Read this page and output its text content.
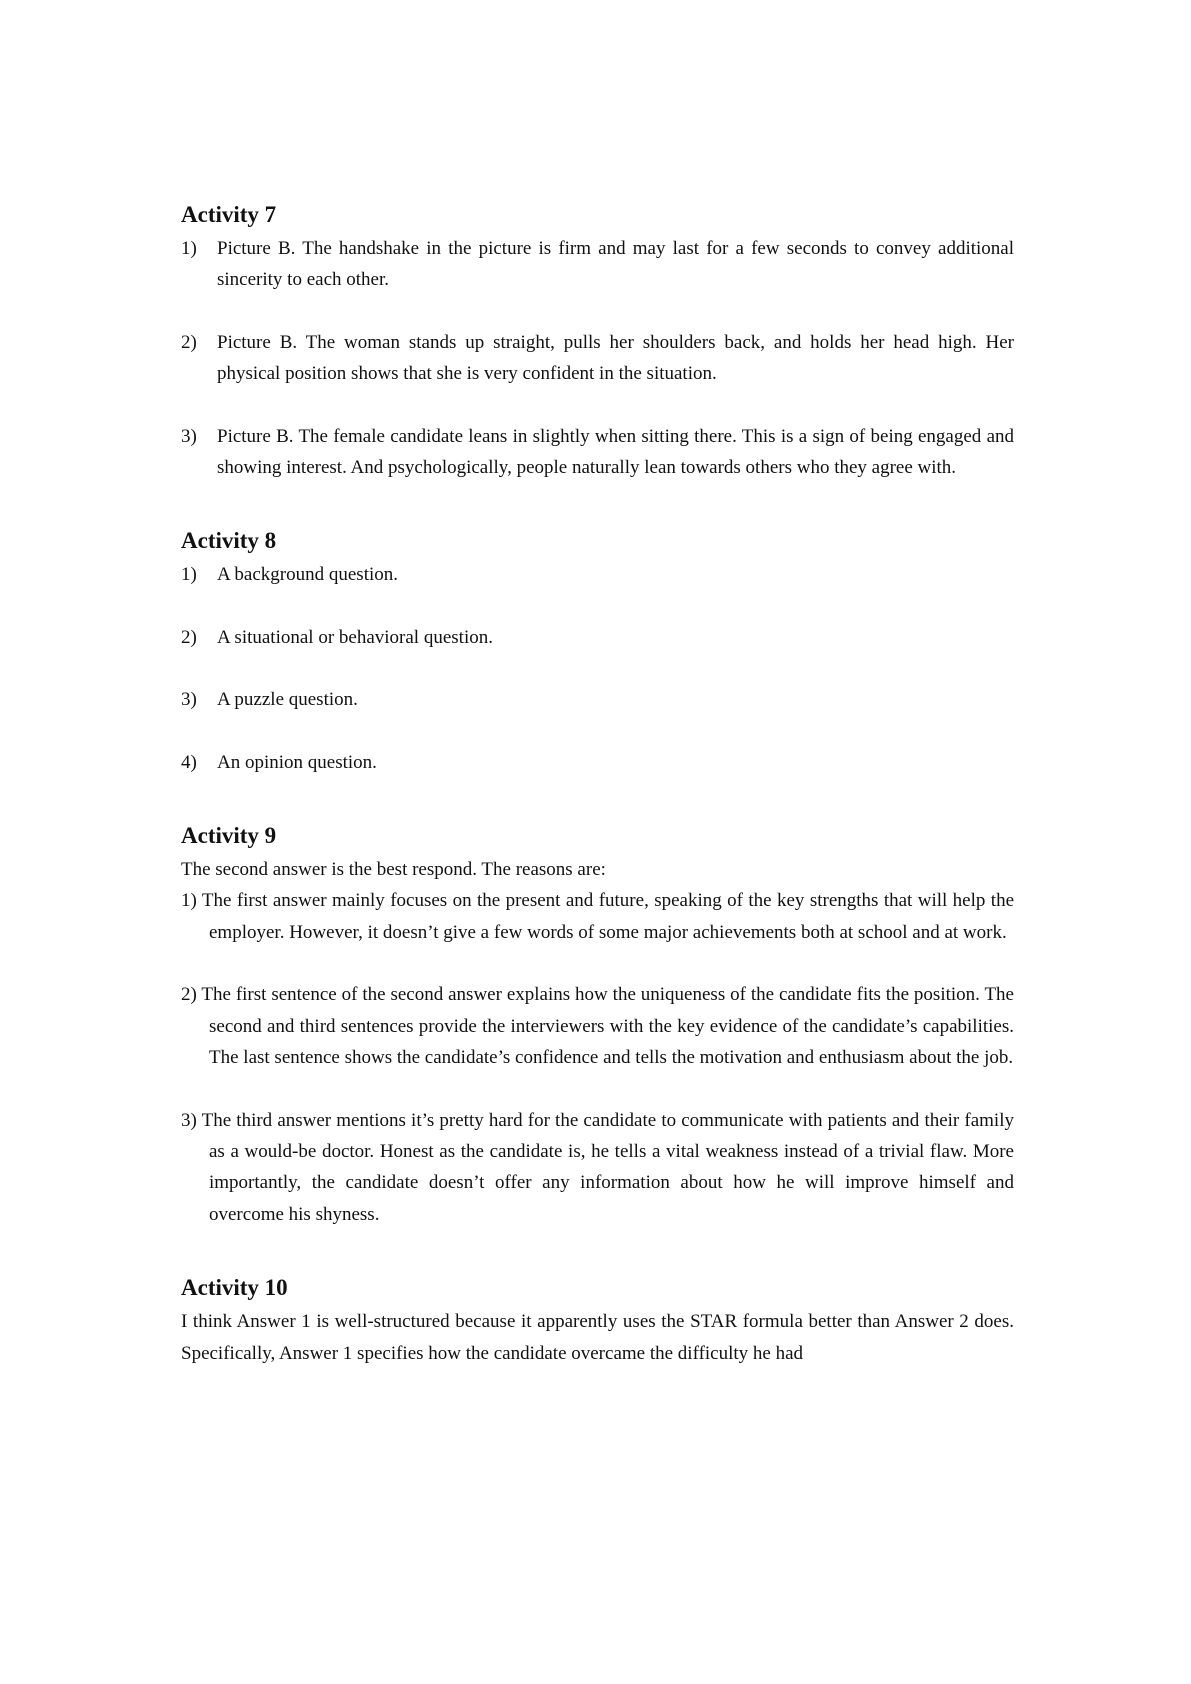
Activity 7
1) Picture B. The handshake in the picture is firm and may last for a few seconds to convey additional sincerity to each other.
2) Picture B. The woman stands up straight, pulls her shoulders back, and holds her head high. Her physical position shows that she is very confident in the situation.
3) Picture B. The female candidate leans in slightly when sitting there. This is a sign of being engaged and showing interest. And psychologically, people naturally lean towards others who they agree with.
Activity 8
1) A background question.
2) A situational or behavioral question.
3) A puzzle question.
4) An opinion question.
Activity 9

The second answer is the best respond. The reasons are:

1) The first answer mainly focuses on the present and future, speaking of the key strengths that will help the employer. However, it doesn’t give a few words of some major achievements both at school and at work.
2) The first sentence of the second answer explains how the uniqueness of the candidate fits the position. The second and third sentences provide the interviewers with the key evidence of the candidate’s capabilities. The last sentence shows the candidate’s confidence and tells the motivation and enthusiasm about the job.
3) The third answer mentions it’s pretty hard for the candidate to communicate with patients and their family as a would-be doctor. Honest as the candidate is, he tells a vital weakness instead of a trivial flaw. More importantly, the candidate doesn’t offer any information about how he will improve himself and overcome his shyness.
Activity 10

I think Answer 1 is well-structured because it apparently uses the STAR formula better than Answer 2 does. Specifically, Answer 1 specifies how the candidate overcame the difficulty he had
